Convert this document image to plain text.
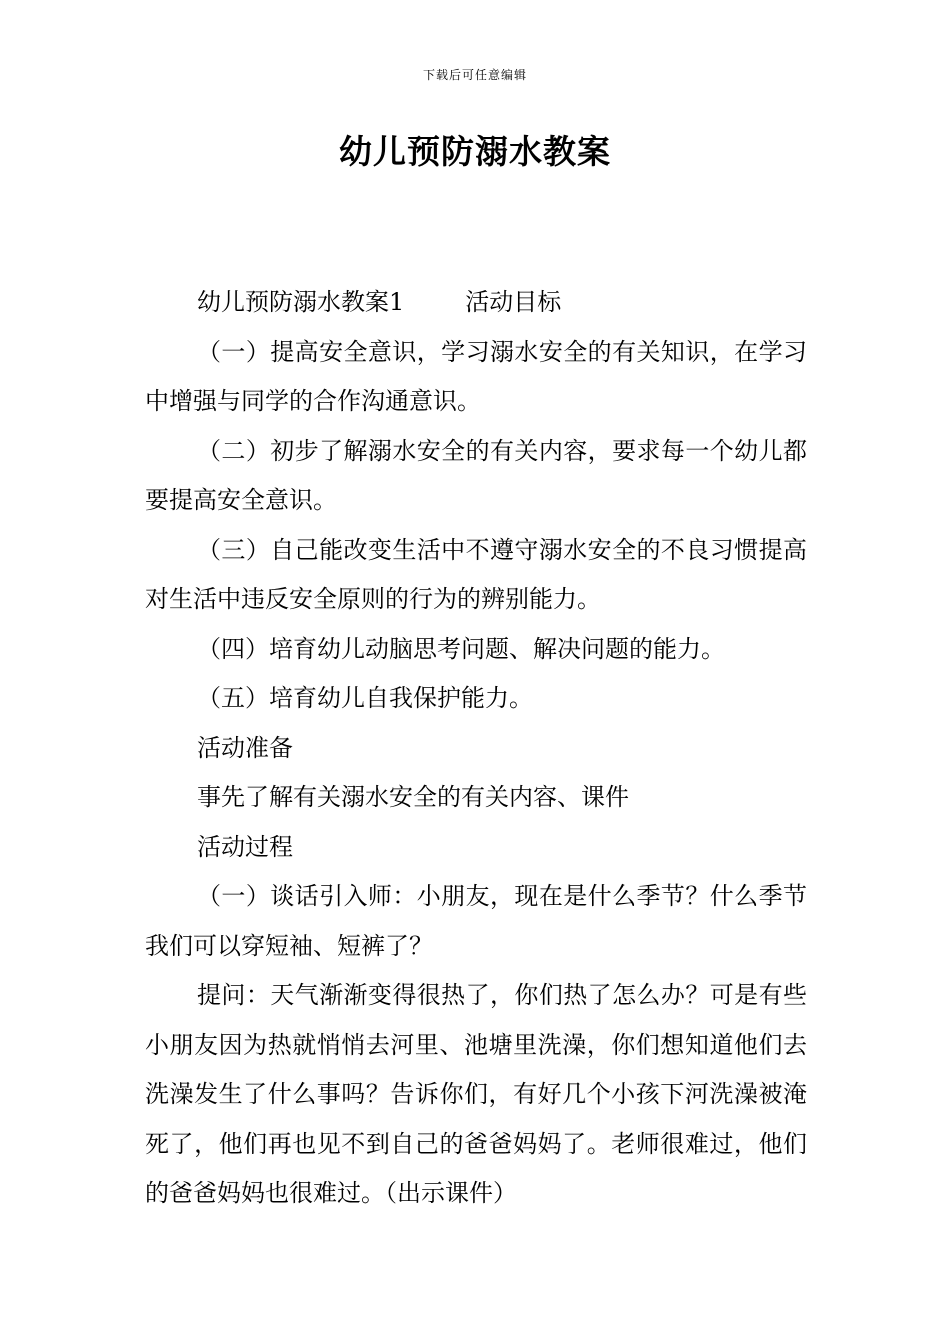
下载后可任意编辑
幼儿预防溺水教案

幼儿预防溺水教案1        活动目标

（一）提高安全意识，学习溺水安全的有关知识，在学习中增强与同学的合作沟通意识。

（二）初步了解溺水安全的有关内容，要求每一个幼儿都要提高安全意识。

（三）自己能改变生活中不遵守溺水安全的不良习惯提高对生活中违反安全原则的行为的辨别能力。

（四）培育幼儿动脑思考问题、解决问题的能力。

（五）培育幼儿自我保护能力。

活动准备

事先了解有关溺水安全的有关内容、课件

活动过程

（一）谈话引入师：小朋友，现在是什么季节？什么季节我们可以穿短袖、短裤了？

提问：天气渐渐变得很热了，你们热了怎么办？可是有些小朋友因为热就悄悄去河里、池塘里洗澡，你们想知道他们去洗澡发生了什么事吗？告诉你们，有好几个小孩下河洗澡被淹死了，他们再也见不到自己的爸爸妈妈了。老师很难过，他们的爸爸妈妈也很难过。（出示课件）
